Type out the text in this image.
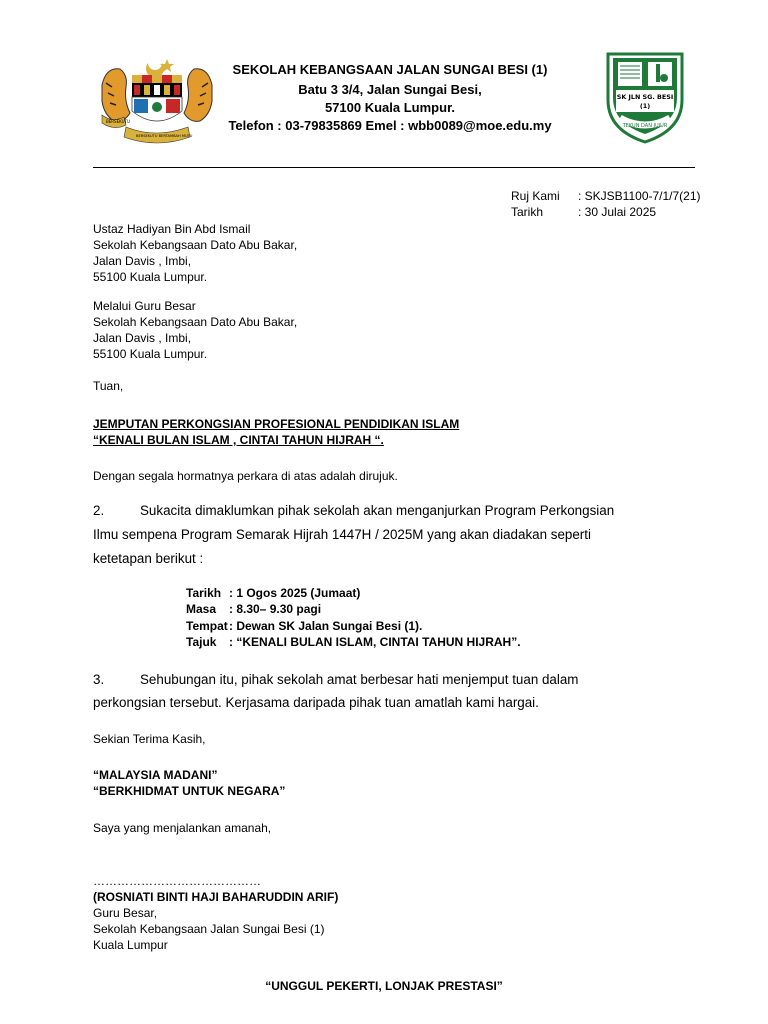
BERSEKUTU
BERSEKUTU BERTAMBAH MUTU
SEKOLAH KEBANGSAAN JALAN SUNGAI BESI (1)
Batu 3 3/4, Jalan Sungai Besi,
57100 Kuala Lumpur.
Telefon : 03-79835869 Emel : wbb0089@moe.edu.my
SK JLN SG. BESI
(1)
TEKUN DAN JUJUR
Ruj Kami : SKJSB1100-7/1/7(21)
Tarikh	: 30 Julai 2025
Ustaz Hadiyan Bin Abd Ismail
Sekolah Kebangsaan Dato Abu Bakar,
Jalan Davis , Imbi,
55100 Kuala Lumpur.
Melalui Guru Besar
Sekolah Kebangsaan Dato Abu Bakar,
Jalan Davis , Imbi,
55100 Kuala Lumpur.
Tuan,
JEMPUTAN PERKONGSIAN PROFESIONAL PENDIDIKAN ISLAM
“KENALI BULAN ISLAM , CINTAI TAHUN HIJRAH “.
Dengan segala hormatnya perkara di atas adalah dirujuk.
2.	Sukacita dimaklumkan pihak sekolah akan menganjurkan Program Perkongsian
Ilmu sempena Program Semarak Hijrah 1447H / 2025M yang akan diadakan seperti
ketetapan berikut :
Tarikh : 1 Ogos 2025 (Jumaat)
Masa : 8.30– 9.30 pagi
Tempat: Dewan SK Jalan Sungai Besi (1).
Tajuk : “KENALI BULAN ISLAM, CINTAI TAHUN HIJRAH”.
3.	Sehubungan itu, pihak sekolah amat berbesar hati menjemput tuan dalam
perkongsian tersebut. Kerjasama daripada pihak tuan amatlah kami hargai.
Sekian Terima Kasih,
“MALAYSIA MADANI”
“BERKHIDMAT UNTUK NEGARA”
Saya yang menjalankan amanah,
……………………………………
(ROSNIATI BINTI HAJI BAHARUDDIN ARIF)
Guru Besar,
Sekolah Kebangsaan Jalan Sungai Besi (1)
Kuala Lumpur
“UNGGUL PEKERTI, LONJAK PRESTASI”
